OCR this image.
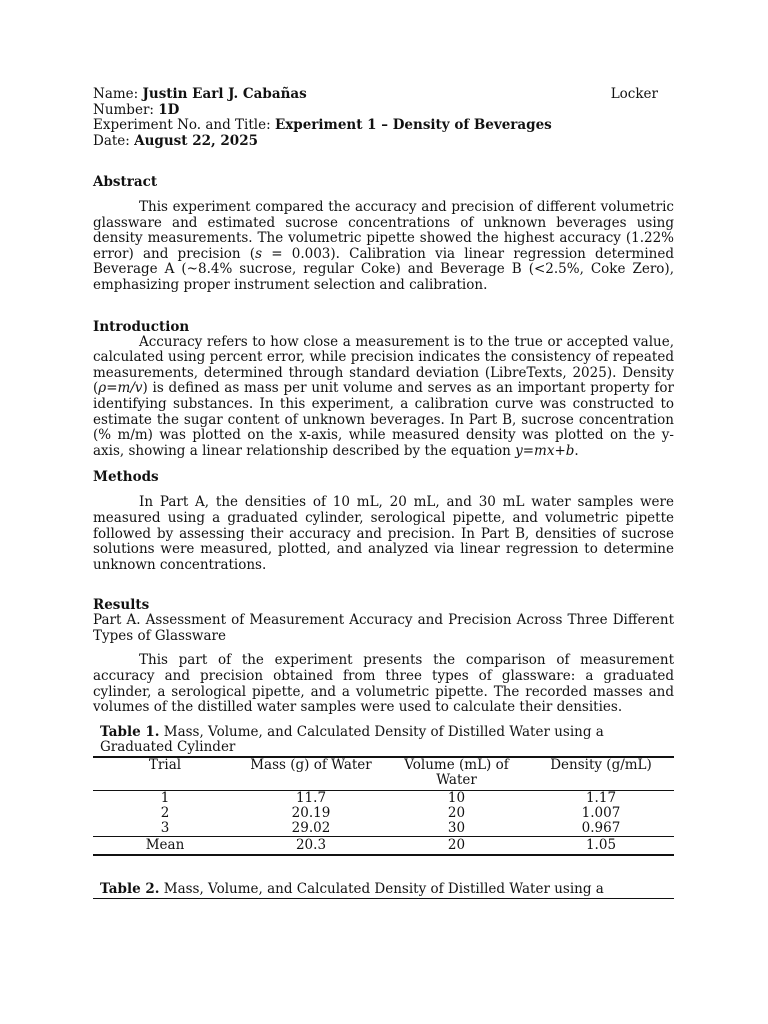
Name: Justin Earl J. Cabañas	Locker
Number: 1D
Experiment No. and Title: Experiment 1 – Density of Beverages
Date: August 22, 2025
Abstract

This experiment compared the accuracy and precision of different volumetric glassware and estimated sucrose concentrations of unknown beverages using density measurements. The volumetric pipette showed the highest accuracy (1.22% error) and precision (s = 0.003). Calibration via linear regression determined Beverage A (~8.4% sucrose, regular Coke) and Beverage B (<2.5%, Coke Zero), emphasizing proper instrument selection and calibration.

Introduction

Accuracy refers to how close a measurement is to the true or accepted value, calculated using percent error, while precision indicates the consistency of repeated measurements, determined through standard deviation (LibreTexts, 2025). Density (ρ=m/v) is defined as mass per unit volume and serves as an important property for identifying substances. In this experiment, a calibration curve was constructed to estimate the sugar content of unknown beverages. In Part B, sucrose concentration (% m/m) was plotted on the x-axis, while measured density was plotted on the y-axis, showing a linear relationship described by the equation y=mx+b.

Methods

In Part A, the densities of 10 mL, 20 mL, and 30 mL water samples were measured using a graduated cylinder, serological pipette, and volumetric pipette followed by assessing their accuracy and precision. In Part B, densities of sucrose solutions were measured, plotted, and analyzed via linear regression to determine unknown concentrations.

Results

Part A. Assessment of Measurement Accuracy and Precision Across Three Different Types of Glassware

This part of the experiment presents the comparison of measurement accuracy and precision obtained from three types of glassware: a graduated cylinder, a serological pipette, and a volumetric pipette. The recorded masses and volumes of the distilled water samples were used to calculate their densities.

Table 1. Mass, Volume, and Calculated Density of Distilled Water using a
Graduated Cylinder
Trial	Mass (g) of Water	Volume (mL) of Water	Density (g/mL)
1	11.7	10	1.17
2	20.19	20	1.007
3	29.02	30	0.967
Mean	20.3	20	1.05
Table 2. Mass, Volume, and Calculated Density of Distilled Water using a
